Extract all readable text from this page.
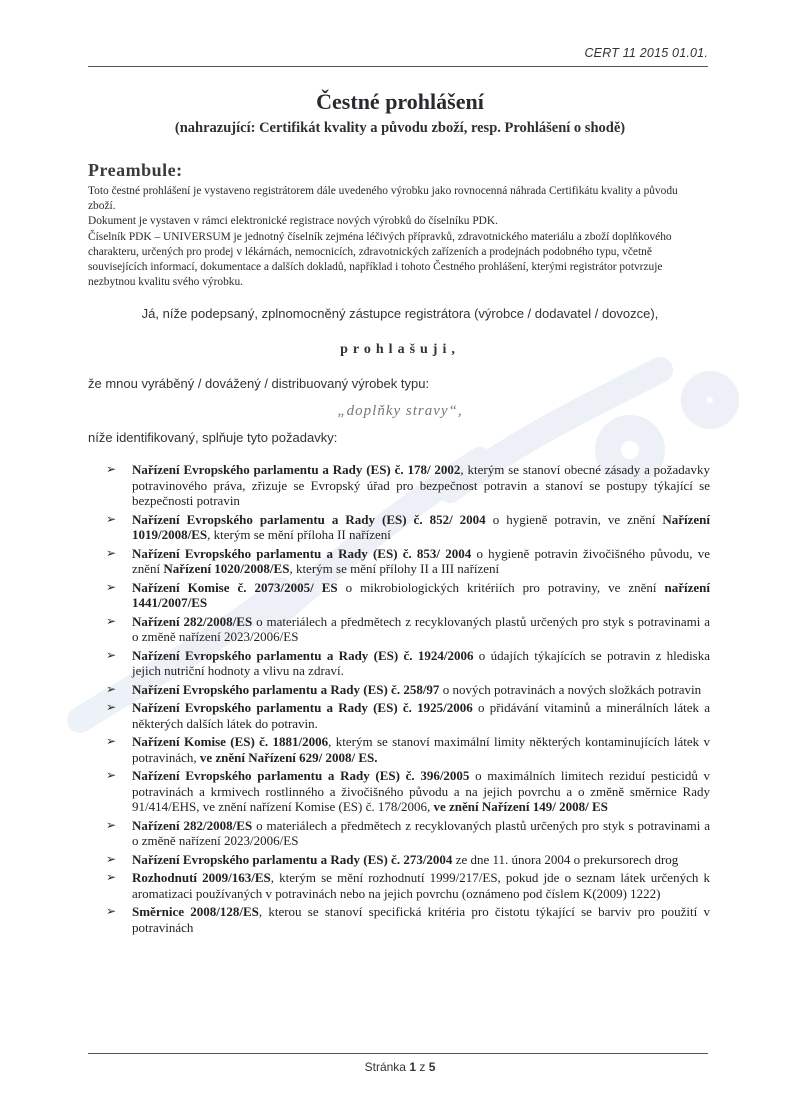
CERT 11 2015 01.01.
Čestné prohlášení
(nahrazující: Certifikát kvality a původu zboží, resp. Prohlášení o shodě)
Preambule:

Toto čestné prohlášení je vystaveno registrátorem dále uvedeného výrobku jako rovnocenná náhrada Certifikátu kvality a původu zboží.

Dokument je vystaven v rámci elektronické registrace nových výrobků do číselníku PDK.

Číselník PDK – UNIVERSUM je jednotný číselník zejména léčivých přípravků, zdravotnického materiálu a zboží doplňkového charakteru, určených pro prodej v lékárnách, nemocnicích, zdravotnických zařízeních a prodejnách podobného typu, včetně souvisejících informací, dokumentace a dalších dokladů, například i tohoto Čestného prohlášení, kterými registrátor potvrzuje nezbytnou kvalitu svého výrobku.

Já, níže podepsaný, zplnomocněný zástupce registrátora (výrobce / dodavatel / dovozce),
prohlašuji,
že mnou vyráběný / dovážený / distribuovaný výrobek typu:
„doplňky stravy“,
níže identifikovaný, splňuje tyto požadavky:
➢ Nařízení Evropského parlamentu a Rady (ES) č. 178/ 2002, kterým se stanoví obecné zásady a požadavky potravinového práva, zřizuje se Evropský úřad pro bezpečnost potravin a stanoví se postupy týkající se bezpečnosti potravin
➢ Nařízení Evropského parlamentu a Rady (ES) č. 852/ 2004 o hygieně potravin, ve znění Nařízení 1019/2008/ES, kterým se mění příloha II nařízení
➢ Nařízení Evropského parlamentu a Rady (ES) č. 853/ 2004 o hygieně potravin živočišného původu, ve znění Nařízení 1020/2008/ES, kterým se mění přílohy II a III nařízení
➢ Nařízení Komise č. 2073/2005/ ES o mikrobiologických kritériích pro potraviny, ve znění nařízení 1441/2007/ES
➢ Nařízení 282/2008/ES o materiálech a předmětech z recyklovaných plastů určených pro styk s potravinami a o změně nařízení 2023/2006/ES
➢ Nařízení Evropského parlamentu a Rady (ES) č. 1924/2006 o údajích týkajících se potravin z hlediska jejich nutriční hodnoty a vlivu na zdraví.
➢ Nařízení Evropského parlamentu a Rady (ES) č. 258/97 o nových potravinách a nových složkách potravin
➢ Nařízení Evropského parlamentu a Rady (ES) č. 1925/2006 o přidávání vitaminů a minerálních látek a některých dalších látek do potravin.
➢ Nařízení Komise (ES) č. 1881/2006, kterým se stanoví maximální limity některých kontaminujících látek v potravinách, ve znění Nařízení 629/ 2008/ ES.
➢ Nařízení Evropského parlamentu a Rady (ES) č. 396/2005 o maximálních limitech reziduí pesticidů v potravinách a krmivech rostlinného a živočišného původu a na jejich povrchu a o změně směrnice Rady 91/414/EHS, ve znění nařízení Komise (ES) č. 178/2006, ve znění Nařízení 149/ 2008/ ES
➢ Nařízení 282/2008/ES o materiálech a předmětech z recyklovaných plastů určených pro styk s potravinami a o změně nařízení 2023/2006/ES
➢ Nařízení Evropského parlamentu a Rady (ES) č. 273/2004 ze dne 11. února 2004 o prekursorech drog
➢ Rozhodnutí 2009/163/ES, kterým se mění rozhodnutí 1999/217/ES, pokud jde o seznam látek určených k aromatizaci používaných v potravinách nebo na jejich povrchu (oznámeno pod číslem K(2009) 1222)
➢ Směrnice 2008/128/ES, kterou se stanoví specifická kritéria pro čistotu týkající se barviv pro použití v potravinách
Stránka 1 z 5
